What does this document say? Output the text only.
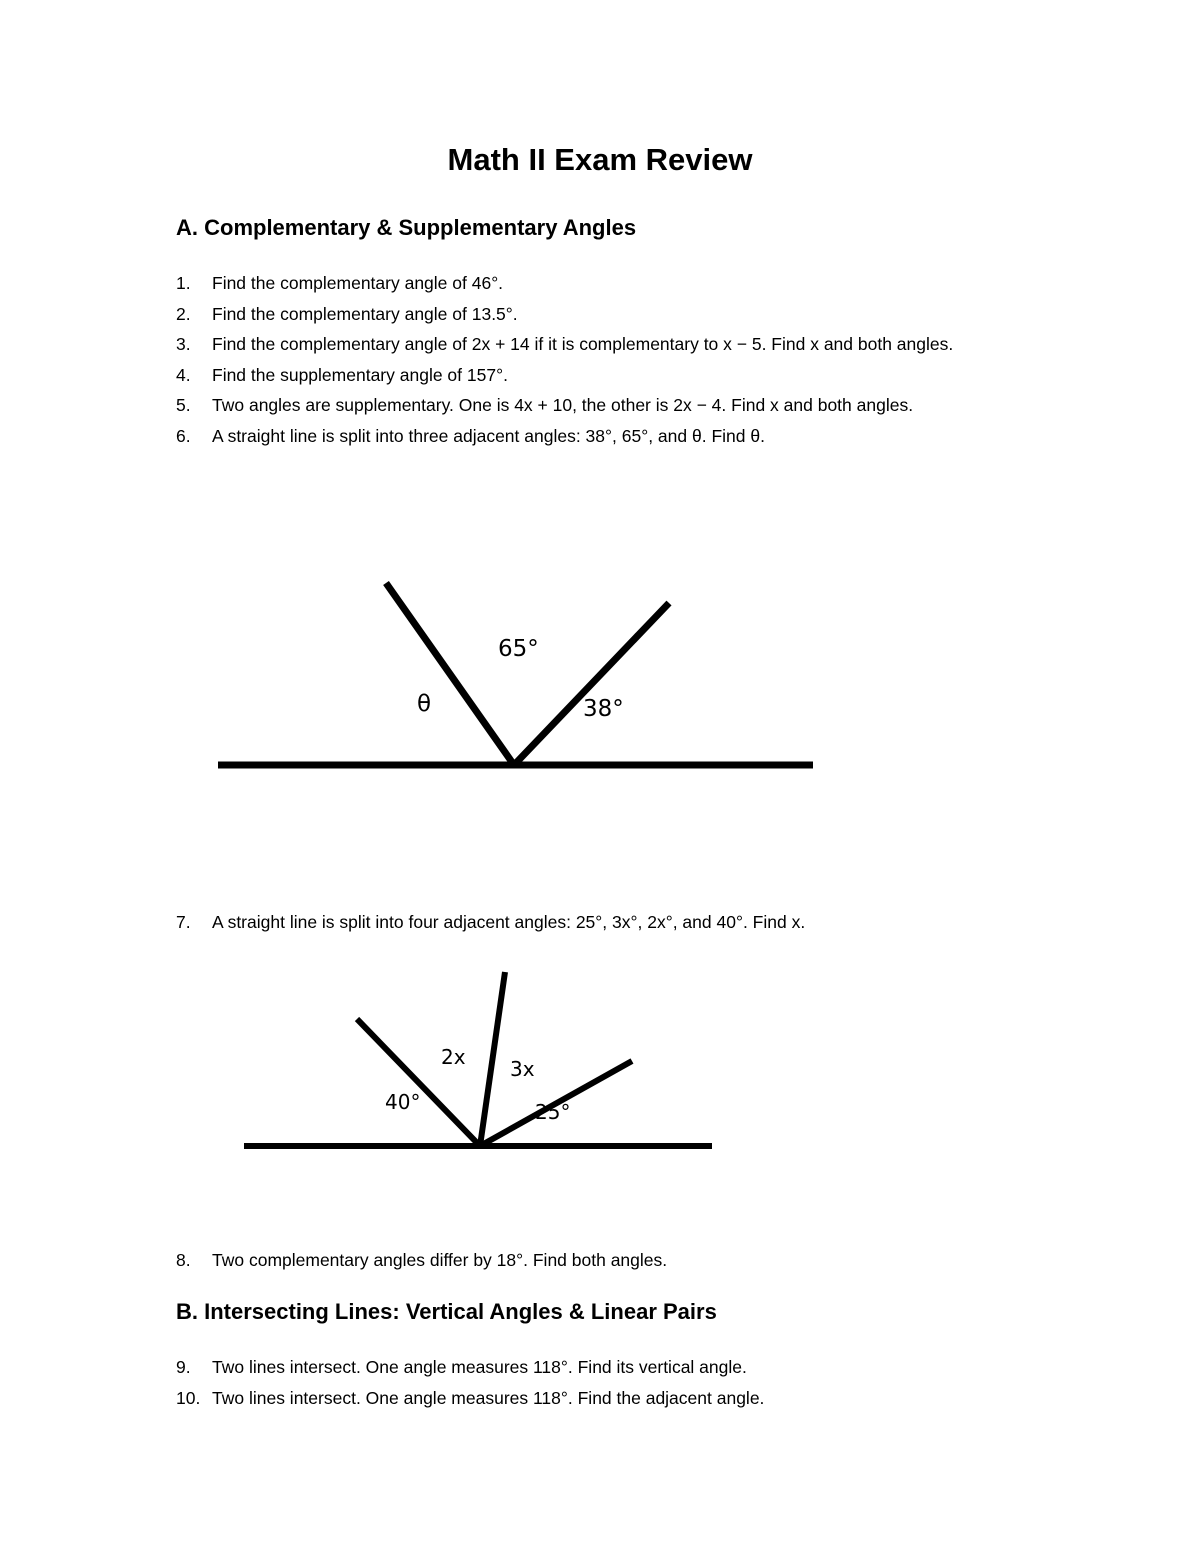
Math II Exam Review
A. Complementary & Supplementary Angles
1.	Find the complementary angle of 46°.
2.	Find the complementary angle of 13.5°.
3.	Find the complementary angle of 2x + 14 if it is complementary to x − 5. Find x and both angles.
4.	Find the supplementary angle of 157°.
5.	Two angles are supplementary. One is 4x + 10, the other is 2x − 4. Find x and both angles.
6.	A straight line is split into three adjacent angles: 38°, 65°, and θ. Find θ.
θ
65°
38°
40°
2x 3x
25°
7.	A straight line is split into four adjacent angles: 25°, 3x°, 2x°, and 40°. Find x.
8.	Two complementary angles differ by 18°. Find both angles.
B. Intersecting Lines: Vertical Angles & Linear Pairs
9.	Two lines intersect. One angle measures 118°. Find its vertical angle.
10. Two lines intersect. One angle measures 118°. Find the adjacent angle.
